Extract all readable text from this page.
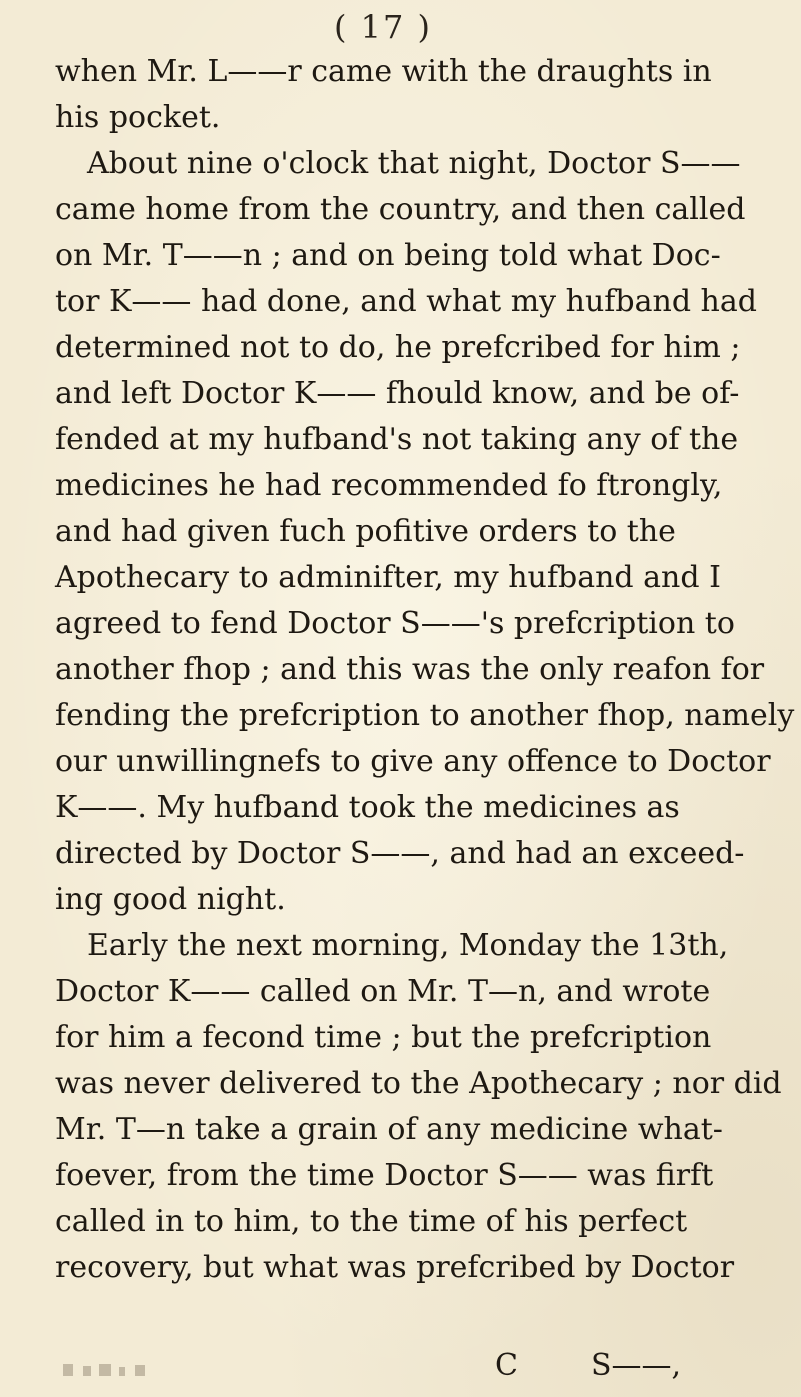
( 17 )
when Mr. L——r came with the draughts in
his pocket.
About nine o'clock that night, Doctor S——
came home from the country, and then called
on Mr. T——n ; and on being told what Doc-
tor K—— had done, and what my hufband had
determined not to do, he prefcribed for him ;
and left Doctor K—— fhould know, and be of-
fended at my hufband's not taking any of the
medicines he had recommended fo ftrongly,
and had given fuch pofitive orders to the
Apothecary to adminifter, my hufband and I
agreed to fend Doctor S——'s prefcription to
another fhop ; and this was the only reafon for
fending the prefcription to another fhop, namely
our unwillingnefs to give any offence to Doctor
K——. My hufband took the medicines as
directed by Doctor S——, and had an exceed-
ing good night.
Early the next morning, Monday the 13th,
Doctor K—— called on Mr. T—n, and wrote
for him a fecond time ; but the prefcription
was never delivered to the Apothecary ; nor did
Mr. T—n take a grain of any medicine what-
foever, from the time Doctor S—— was firft
called in to him, to the time of his perfect
recovery, but what was prefcribed by Doctor
C S——,
